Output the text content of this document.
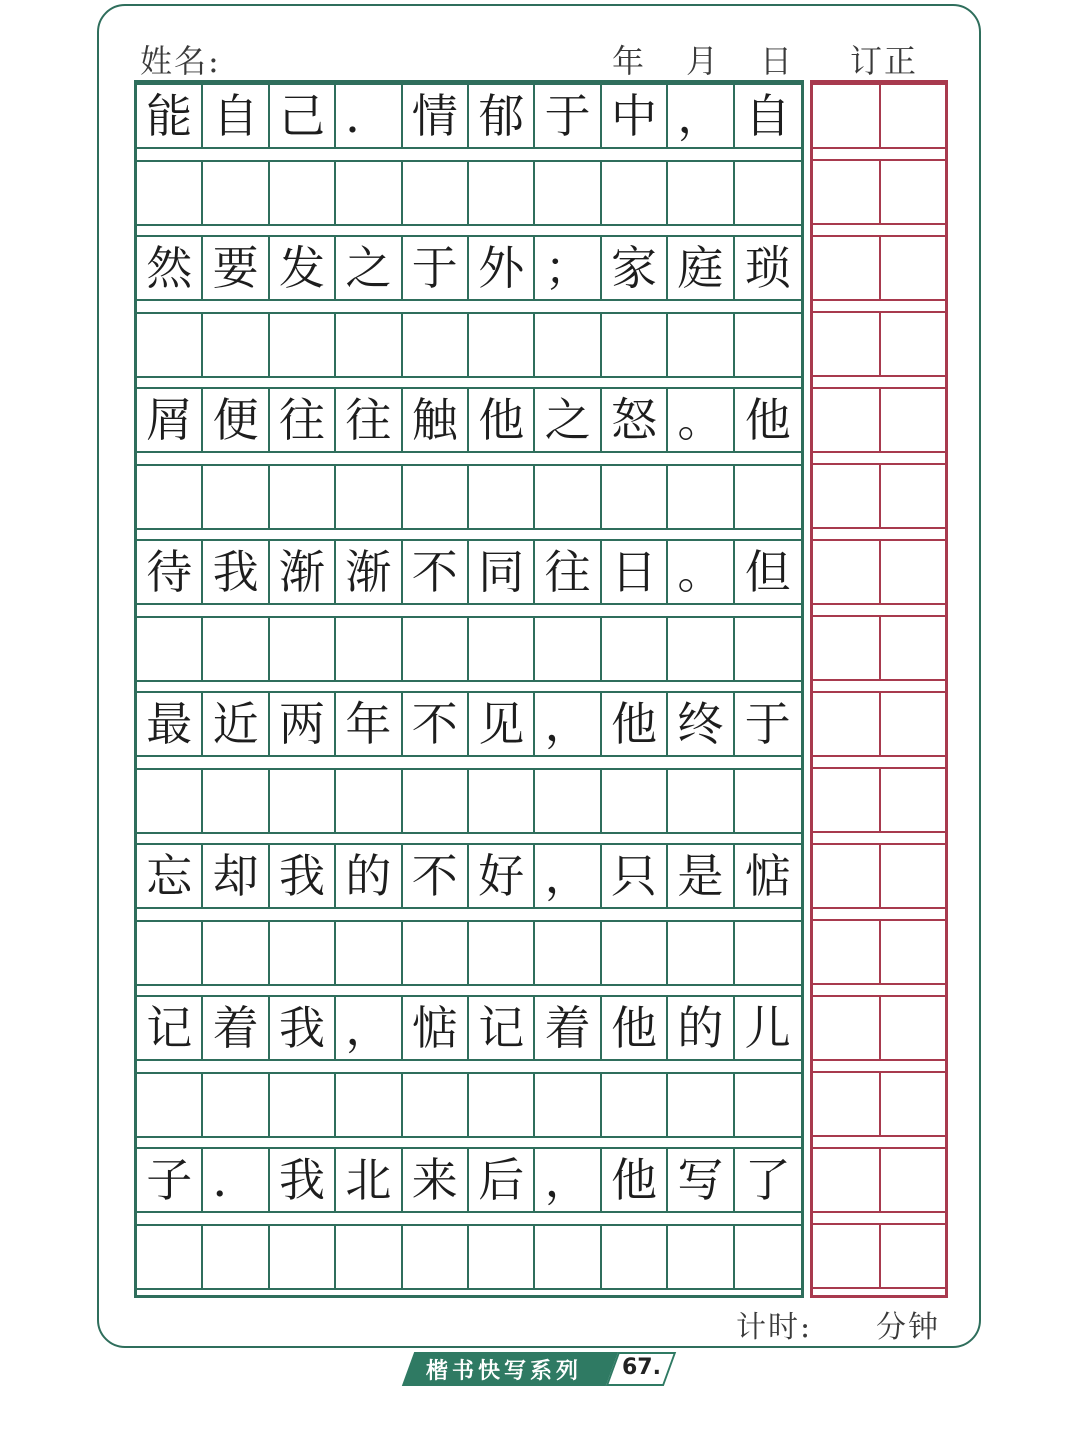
姓名:	年 月 日 订正
能 自 己 ． 情 郁 于 中 ， 自
然 要 发 之 于 外 ； 家 庭 琐
屑 便 往 往 触 他 之 怒 。 他
待 我 渐 渐 不 同 往 日 。 但
最 近 两 年 不 见 ， 他 终 于
忘 却 我 的 不 好 ， 只 是 惦
记 着 我 ， 惦 记 着 他 的 儿
子 ． 我 北 来 后 ， 他 写 了
计时: 分钟
楷书快写系列 67.
